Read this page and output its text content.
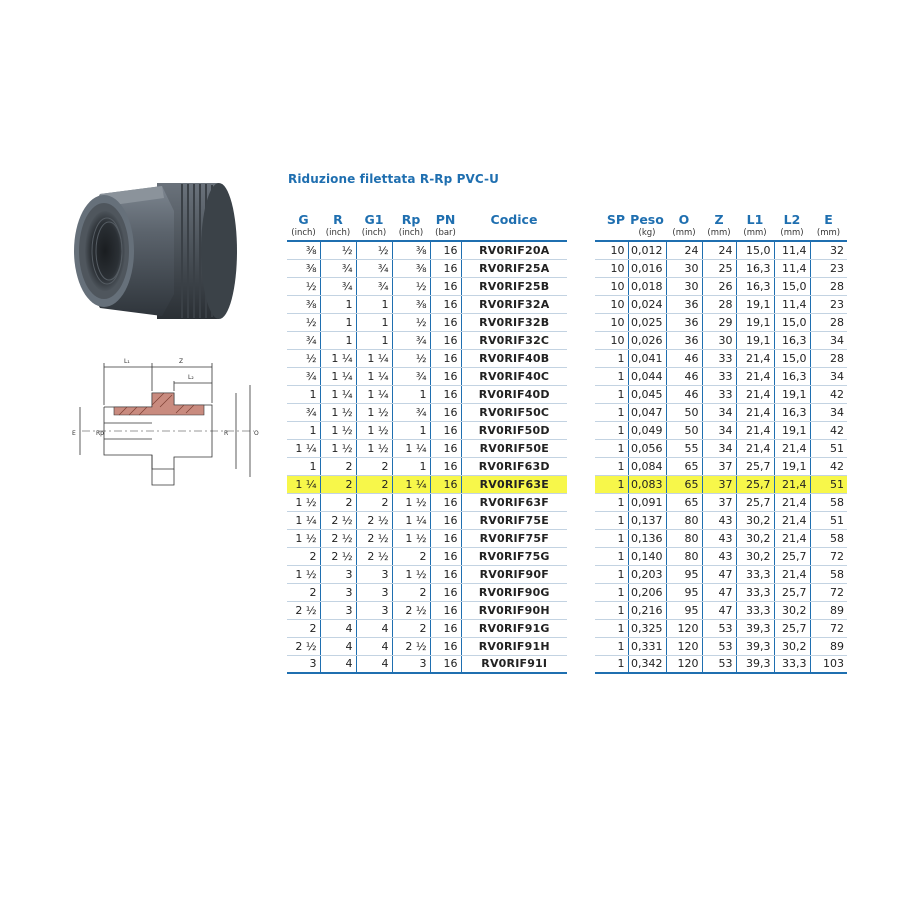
Riduzione filettata R-Rp PVC-U
L₁	Z
L₂
E	Rp	R	O
G	R	G1	Rp	PN	Codice
(inch)	(inch)	(inch)	(inch)	(bar)	
⅜	½	½	⅜	16	RV0RIF20A
⅜	¾	¾	⅜	16	RV0RIF25A
½	¾	¾	½	16	RV0RIF25B
⅜	1	1	⅜	16	RV0RIF32A
½	1	1	½	16	RV0RIF32B
¾	1	1	¾	16	RV0RIF32C
½	1 ¼	1 ¼	½	16	RV0RIF40B
¾	1 ¼	1 ¼	¾	16	RV0RIF40C
1	1 ¼	1 ¼	1	16	RV0RIF40D
¾	1 ½	1 ½	¾	16	RV0RIF50C
1	1 ½	1 ½	1	16	RV0RIF50D
1 ¼	1 ½	1 ½	1 ¼	16	RV0RIF50E
1	2	2	1	16	RV0RIF63D
1 ¼	2	2	1 ¼	16	RV0RIF63E
1 ½	2	2	1 ½	16	RV0RIF63F
1 ¼	2 ½	2 ½	1 ¼	16	RV0RIF75E
1 ½	2 ½	2 ½	1 ½	16	RV0RIF75F
2	2 ½	2 ½	2	16	RV0RIF75G
1 ½	3	3	1 ½	16	RV0RIF90F
2	3	3	2	16	RV0RIF90G
2 ½	3	3	2 ½	16	RV0RIF90H
2	4	4	2	16	RV0RIF91G
2 ½	4	4	2 ½	16	RV0RIF91H
3	4	4	3	16	RV0RIF91I
SP	Peso	O	Z	L1	L2	E
	(kg)	(mm)	(mm)	(mm)	(mm)	(mm)
10	0,012	24	24	15,0	11,4	32
10	0,016	30	25	16,3	11,4	23
10	0,018	30	26	16,3	15,0	28
10	0,024	36	28	19,1	11,4	23
10	0,025	36	29	19,1	15,0	28
10	0,026	36	30	19,1	16,3	34
1	0,041	46	33	21,4	15,0	28
1	0,044	46	33	21,4	16,3	34
1	0,045	46	33	21,4	19,1	42
1	0,047	50	34	21,4	16,3	34
1	0,049	50	34	21,4	19,1	42
1	0,056	55	34	21,4	21,4	51
1	0,084	65	37	25,7	19,1	42
1	0,083	65	37	25,7	21,4	51
1	0,091	65	37	25,7	21,4	58
1	0,137	80	43	30,2	21,4	51
1	0,136	80	43	30,2	21,4	58
1	0,140	80	43	30,2	25,7	72
1	0,203	95	47	33,3	21,4	58
1	0,206	95	47	33,3	25,7	72
1	0,216	95	47	33,3	30,2	89
1	0,325	120	53	39,3	25,7	72
1	0,331	120	53	39,3	30,2	89
1	0,342	120	53	39,3	33,3	103
